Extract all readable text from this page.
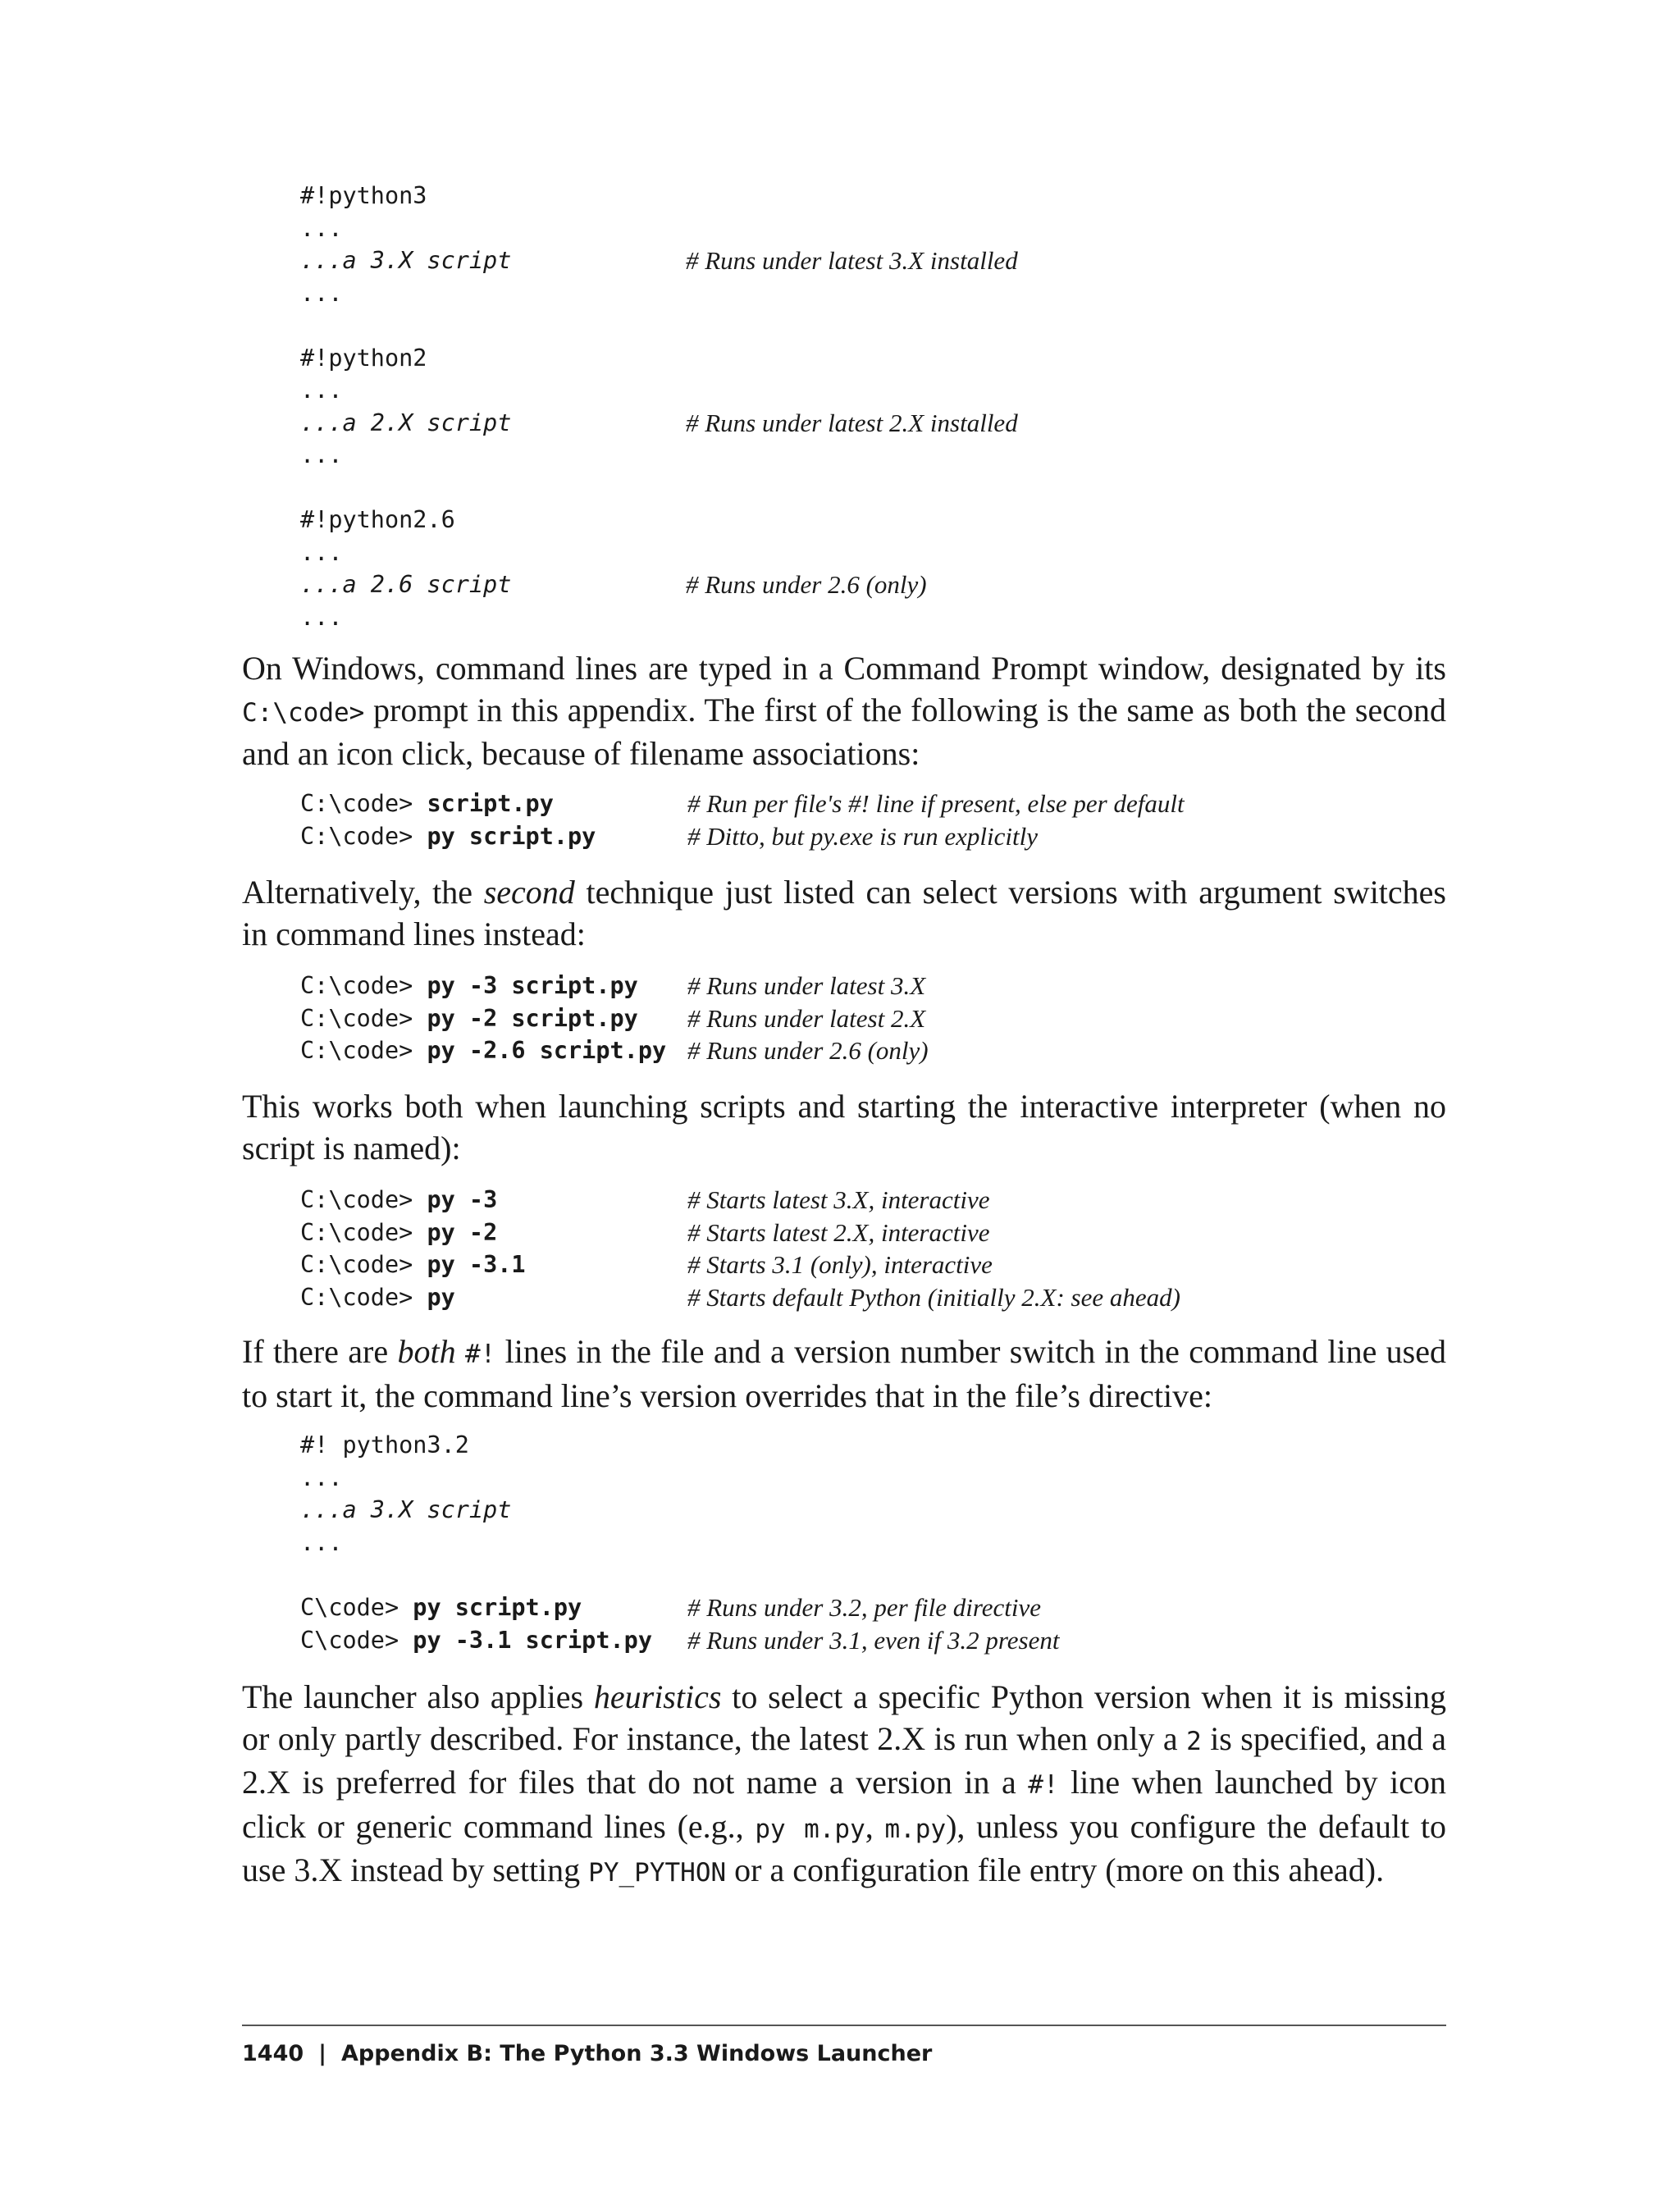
#!python3
...
...a 3.X script	# Runs under latest 3.X installed
...
#!python2
...
...a 2.X script	# Runs under latest 2.X installed
...
#!python2.6
...
...a 2.6 script	# Runs under 2.6 (only)
...

On Windows, command lines are typed in a Command Prompt window, designated by its C:\code> prompt in this appendix. The first of the following is the same as both the second and an icon click, because of filename associations:

C:\code> script.py	# Run per file's #! line if present, else per default
C:\code> py script.py	# Ditto, but py.exe is run explicitly

Alternatively, the second technique just listed can select versions with argument switches in command lines instead:

C:\code> py -3 script.py # Runs under latest 3.X
C:\code> py -2 script.py # Runs under latest 2.X
C:\code> py -2.6 script.py # Runs under 2.6 (only)

This works both when launching scripts and starting the interactive interpreter (when no script is named):

C:\code> py -3	# Starts latest 3.X, interactive
C:\code> py -2	# Starts latest 2.X, interactive
C:\code> py -3.1	# Starts 3.1 (only), interactive
C:\code> py	# Starts default Python (initially 2.X: see ahead)

If there are both #! lines in the file and a version number switch in the command line used to start it, the command line’s version overrides that in the file’s directive:

#! python3.2
...
...a 3.X script
...
C\code> py script.py	# Runs under 3.2, per file directive
C\code> py -3.1 script.py # Runs under 3.1, even if 3.2 present

The launcher also applies heuristics to select a specific Python version when it is missing or only partly described. For instance, the latest 2.X is run when only a 2 is specified, and a 2.X is preferred for files that do not name a version in a #! line when launched by icon click or generic command lines (e.g., py m.py, m.py), unless you configure the default to use 3.X instead by setting PY_PYTHON or a configuration file entry (more on this ahead).

1440 | Appendix B: The Python 3.3 Windows Launcher
